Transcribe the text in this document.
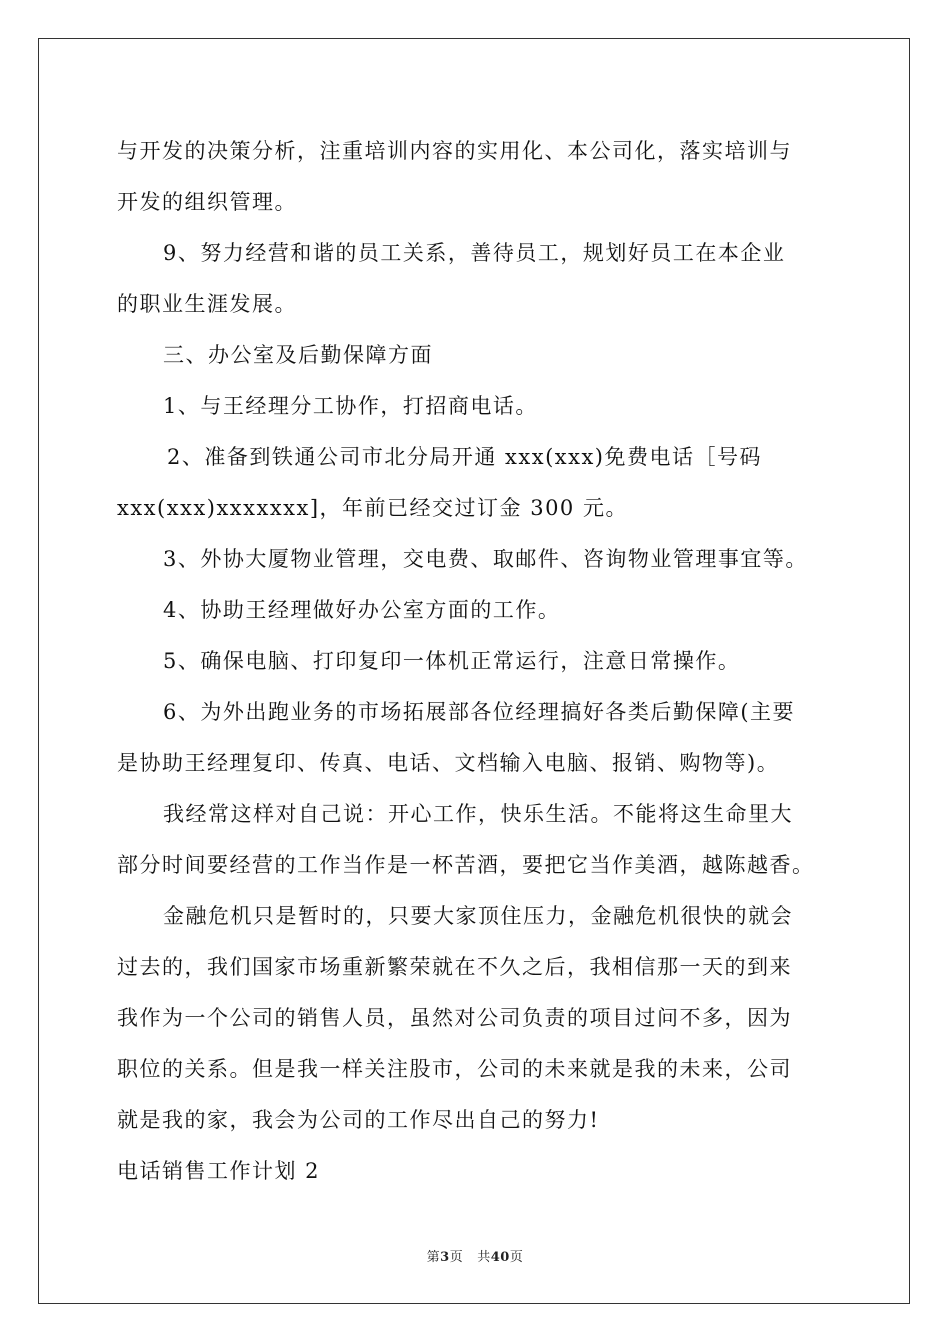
与开发的决策分析，注重培训内容的实用化、本公司化，落实培训与
开发的组织管理。
9、努力经营和谐的员工关系，善待员工，规划好员工在本企业
的职业生涯发展。
三、办公室及后勤保障方面
1、与王经理分工协作，打招商电话。
2、准备到铁通公司市北分局开通 xxx(xxx)免费电话［号码
xxx(xxx)xxxxxxx]，年前已经交过订金 300 元。
3、外协大厦物业管理，交电费、取邮件、咨询物业管理事宜等。
4、协助王经理做好办公室方面的工作。
5、确保电脑、打印复印一体机正常运行，注意日常操作。
6、为外出跑业务的市场拓展部各位经理搞好各类后勤保障(主要
是协助王经理复印、传真、电话、文档输入电脑、报销、购物等)。
我经常这样对自己说：开心工作，快乐生活。不能将这生命里大
部分时间要经营的工作当作是一杯苦酒，要把它当作美酒，越陈越香。
金融危机只是暂时的，只要大家顶住压力，金融危机很快的就会
过去的，我们国家市场重新繁荣就在不久之后，我相信那一天的到来
我作为一个公司的销售人员，虽然对公司负责的项目过问不多，因为
职位的关系。但是我一样关注股市，公司的未来就是我的未来，公司
就是我的家，我会为公司的工作尽出自己的努力!
电话销售工作计划 2
第3页 共40页
